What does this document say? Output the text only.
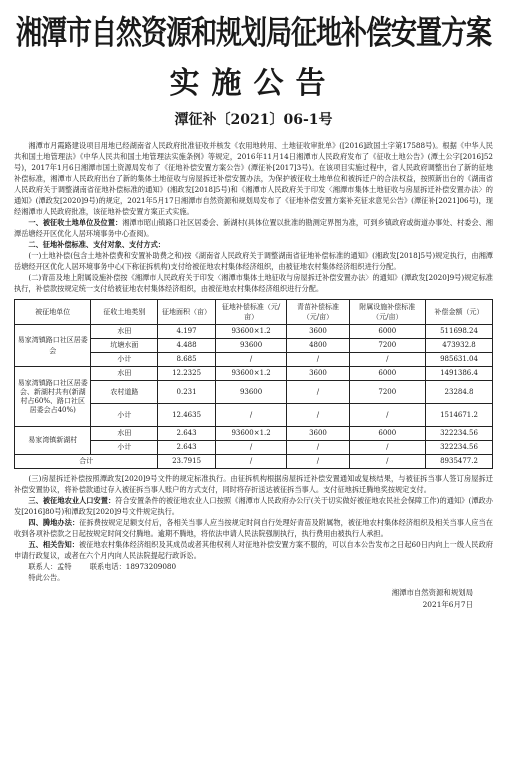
湘潭市自然资源和规划局征地补偿安置方案
实施公告
潭征补〔2021〕06-1号

湘潭市月霞路建设项目用地已经湖南省人民政府批准征收并核发《农用地转用、土地征收审批单》([2016]政国土字第17588号)。根据《中华人民共和国土地管理法》《中华人民共和国土地管理法实施条例》等规定，2016年11月14日湘潭市人民政府发布了《征收土地公告》(潭土公字[2016]52号)，2017年1月6日湘潭市国土资源局发布了《征地补偿安置方案公告》(潭征补[2017]3号)。在该项目实施过程中，省人民政府调整出台了新的征地补偿标准，湘潭市人民政府出台了新的集体土地征收与房屋拆迁补偿安置办法，为保护被征收土地单位和被拆迁户的合法权益，按照新出台的《湖南省人民政府关于调整湖南省征地补偿标准的通知》(湘政发[2018]5号)和《湘潭市人民政府关于印发〈湘潭市集体土地征收与房屋拆迁补偿安置办法〉的通知》(潭政发[2020]9号)的规定，2021年5月17日湘潭市自然资源和规划局发布了《征地补偿安置方案补充征求意见公告》(潭征补[2021]06号)，现经湘潭市人民政府批准，该征地补偿安置方案正式实施。

一、被征收土地单位及位置：湘潭市昭山镇路口社区居委会、新湖村(具体位置以批准的勘测定界图为准，可到乡镇政府或街道办事处、村委会、湘潭岳塘经开区优化人居环境事务中心查阅)。

二、征地补偿标准、支付对象、支付方式：

(一)土地补偿(包含土地补偿费和安置补助费之和)按《湖南省人民政府关于调整湖南省征地补偿标准的通知》(湘政发[2018]5号)规定执行，由湘潭岳塘经开区优化人居环境事务中心(下称征拆机构)支付给被征地农村集体经济组织，由被征地农村集体经济组织进行分配。

(二)青苗及地上附属设施补偿按《湘潭市人民政府关于印发〈湘潭市集体土地征收与房屋拆迁补偿安置办法〉的通知》(潭政发[2020]9号)规定标准执行，补偿款按规定统一支付给被征地农村集体经济组织，由被征地农村集体经济组织进行分配。

被征地单位	征收土地类别	征地面积（亩）	征地补偿标准（元/亩）	青苗补偿标准（元/亩）	附属设施补偿标准（元/亩）	补偿金额（元）
易家湾镇路口社区居委会	水田	4.197	93600×1.2	3600	6000	511698.24
	坑塘水面	4.488	93600	4800	7200	473932.8
	小计	8.685	/	/	/	985631.04
易家湾镇路口社区居委会、新湖村共有(新湖村占60%、路口社区居委会占40%)	水田	12.2325	93600×1.2	3600	6000	1491386.4
	农村道路	0.231	93600	/	7200	23284.8
	小计	12.4635	/	/	/	1514671.2
易家湾镇新湖村	水田	2.643	93600×1.2	3600	6000	322234.56
	小计	2.643	/	/	/	322234.56
合计		23.7915	/	/	/	8935477.2

(三)房屋拆迁补偿按照潭政发[2020]9号文件的规定标准执行。由征拆机构根据房屋拆迁补偿安置通知或复核结果，与被征拆当事人签订房屋拆迁补偿安置协议，将补偿款通过存入被征拆当事人账户的方式支付，同时将存折送达被征拆当事人。支付征地拆迁腾地奖按规定支付。

三、被征地农业人口安置：符合安置条件的被征地农业人口按照《湘潭市人民政府办公厅(关于切实做好被征地农民社会保障工作)的通知》(潭政办发[2016]80号)和潭政发[2020]9号文件规定执行。

四、腾地办法：征拆费按规定足额支付后，各相关当事人应当按规定时间自行处理好青苗及附属物，被征地农村集体经济组织及相关当事人应当在收到各项补偿款之日起按规定时间交付腾地。逾期不腾地，将依法申请人民法院强制执行，执行费用由被执行人承担。

五、相关告知：被征地农村集体经济组织及其成员或者其他权利人对征地补偿安置方案不服的，可以自本公告发布之日起60日内向上一级人民政府申请行政复议，或者在六个月内向人民法院提起行政诉讼。

联系人：孟特	联系电话：18973209080

特此公告。

湘潭市自然资源和规划局
2021年6月7日
